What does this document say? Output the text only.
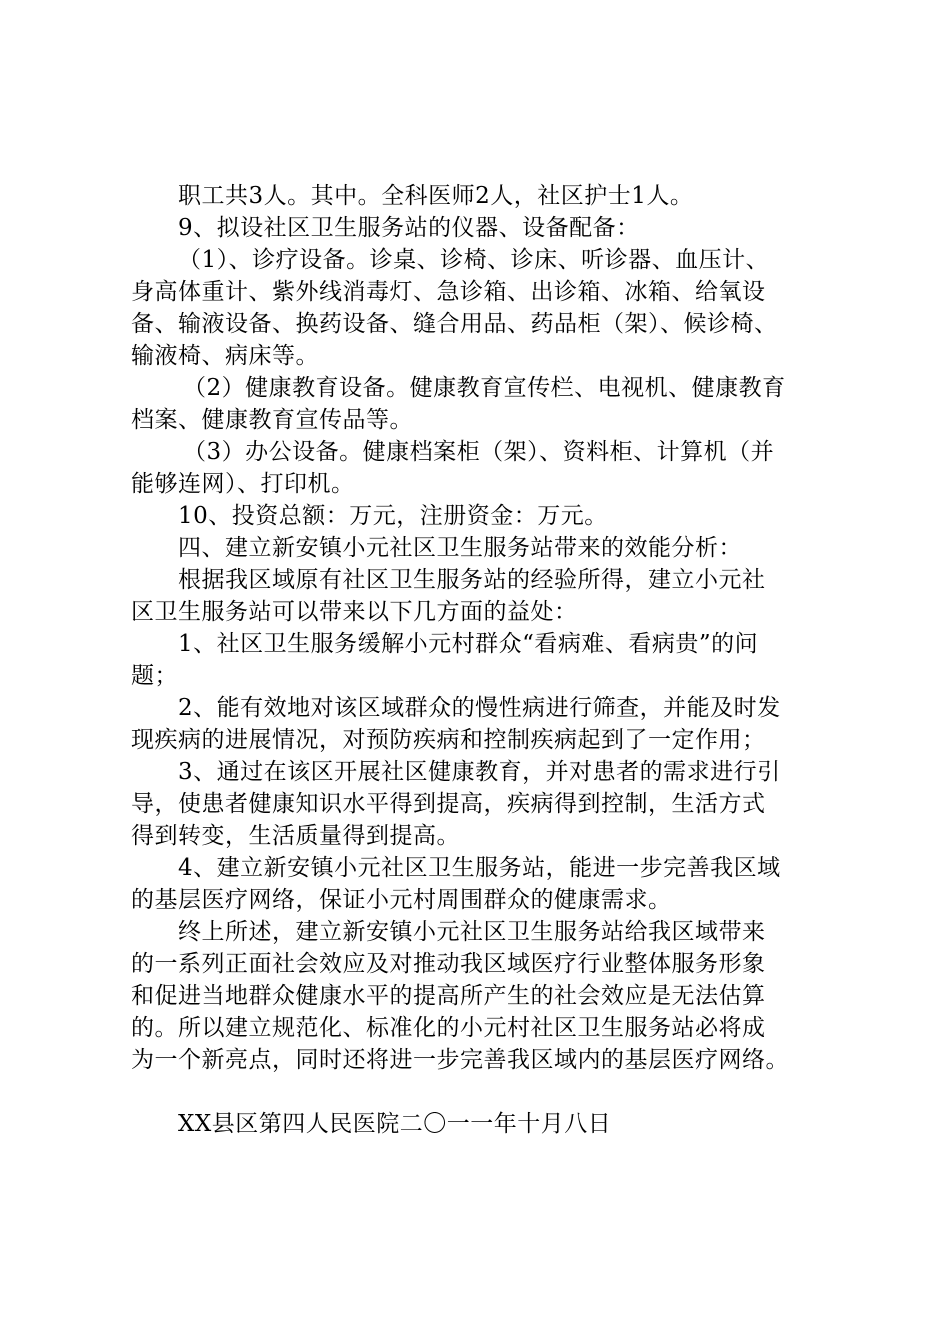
职工共3人。其中。全科医师2人，社区护士1人。
9、拟设社区卫生服务站的仪器、设备配备：
（1）、诊疗设备。诊桌、诊椅、诊床、听诊器、血压计、
身高体重计、紫外线消毒灯、急诊箱、出诊箱、冰箱、给氧设
备、输液设备、换药设备、缝合用品、药品柜（架）、候诊椅、
输液椅、病床等。
（2）健康教育设备。健康教育宣传栏、电视机、健康教育
档案、健康教育宣传品等。
（3）办公设备。健康档案柜（架）、资料柜、计算机（并
能够连网）、打印机。
10、投资总额：万元，注册资金：万元。
四、建立新安镇小元社区卫生服务站带来的效能分析：
根据我区域原有社区卫生服务站的经验所得，建立小元社
区卫生服务站可以带来以下几方面的益处：
1、社区卫生服务缓解小元村群众“看病难、看病贵”的问
题；
2、能有效地对该区域群众的慢性病进行筛查，并能及时发
现疾病的进展情况，对预防疾病和控制疾病起到了一定作用；
3、通过在该区开展社区健康教育，并对患者的需求进行引
导，使患者健康知识水平得到提高，疾病得到控制，生活方式
得到转变，生活质量得到提高。
4、建立新安镇小元社区卫生服务站，能进一步完善我区域
的基层医疗网络，保证小元村周围群众的健康需求。
终上所述，建立新安镇小元社区卫生服务站给我区域带来
的一系列正面社会效应及对推动我区域医疗行业整体服务形象
和促进当地群众健康水平的提高所产生的社会效应是无法估算
的。所以建立规范化、标准化的小元村社区卫生服务站必将成
为一个新亮点，同时还将进一步完善我区域内的基层医疗网络。
XX县区第四人民医院二〇一一年十月八日
